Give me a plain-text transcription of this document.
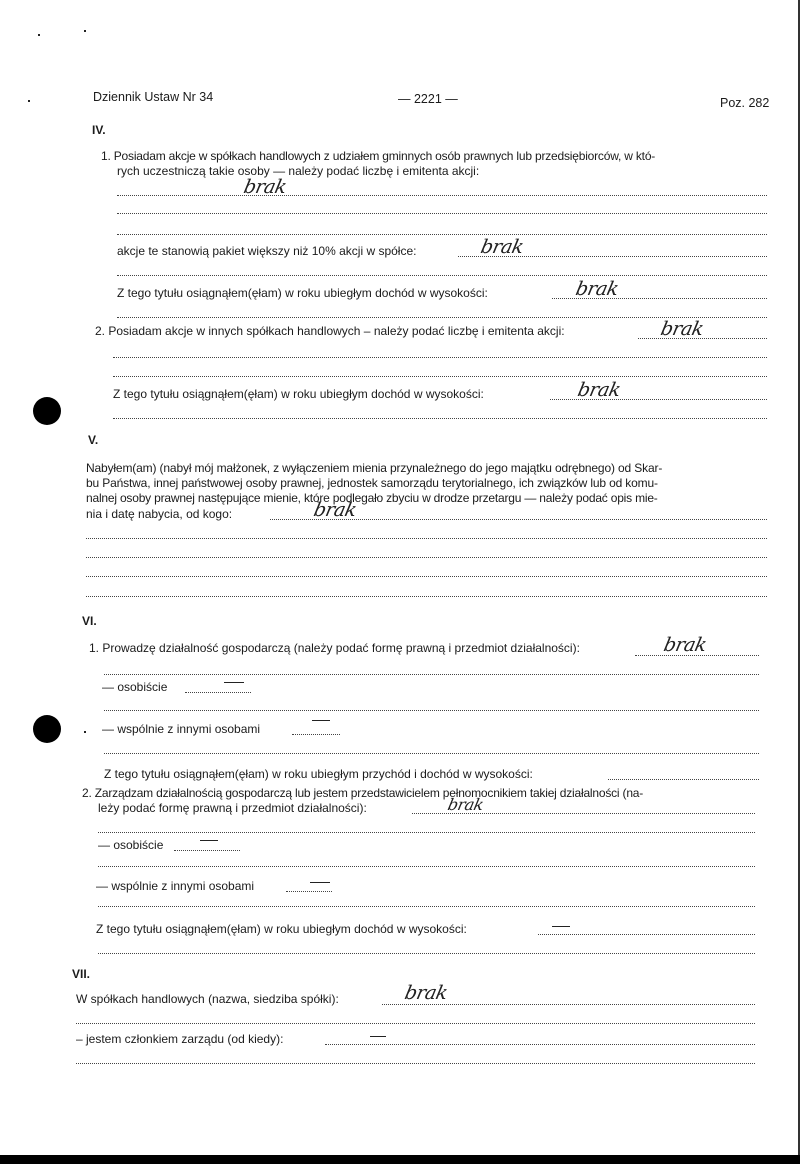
Dziennik Ustaw Nr 34	— 2221 —	Poz. 282
IV.
1. Posiadam akcje w spółkach handlowych z udziałem gminnych osób prawnych lub przedsiębiorców, w któ-
rych uczestniczą takie osoby — należy podać liczbę i emitenta akcji:
brak
akcje te stanowią pakiet większy niż 10% akcji w spółce:	brak
Z tego tytułu osiągnąłem(ęłam) w roku ubiegłym dochód w wysokości:	brak
2. Posiadam akcje w innych spółkach handlowych – należy podać liczbę i emitenta akcji:	brak
Z tego tytułu osiągnąłem(ęłam) w roku ubiegłym dochód w wysokości:	brak
V.
Nabyłem(am) (nabył mój małżonek, z wyłączeniem mienia przynależnego do jego majątku odrębnego) od Skar-
bu Państwa, innej państwowej osoby prawnej, jednostek samorządu terytorialnego, ich związków lub od komu-
nalnej osoby prawnej następujące mienie, które podlegało zbyciu w drodze przetargu — należy podać opis mie-
nia i datę nabycia, od kogo:	brak
VI.
1. Prowadzę działalność gospodarczą (należy podać formę prawną i przedmiot działalności):	brak
— osobiście
— wspólnie z innymi osobami
Z tego tytułu osiągnąłem(ęłam) w roku ubiegłym przychód i dochód w wysokości:
2. Zarządzam działalnością gospodarczą lub jestem przedstawicielem pełnomocnikiem takiej działalności (na-
leży podać formę prawną i przedmiot działalności):	brak
— osobiście
— wspólnie z innymi osobami
Z tego tytułu osiągnąłem(ęłam) w roku ubiegłym dochód w wysokości:
VII.
W spółkach handlowych (nazwa, siedziba spółki):	brak
– jestem członkiem zarządu (od kiedy):
